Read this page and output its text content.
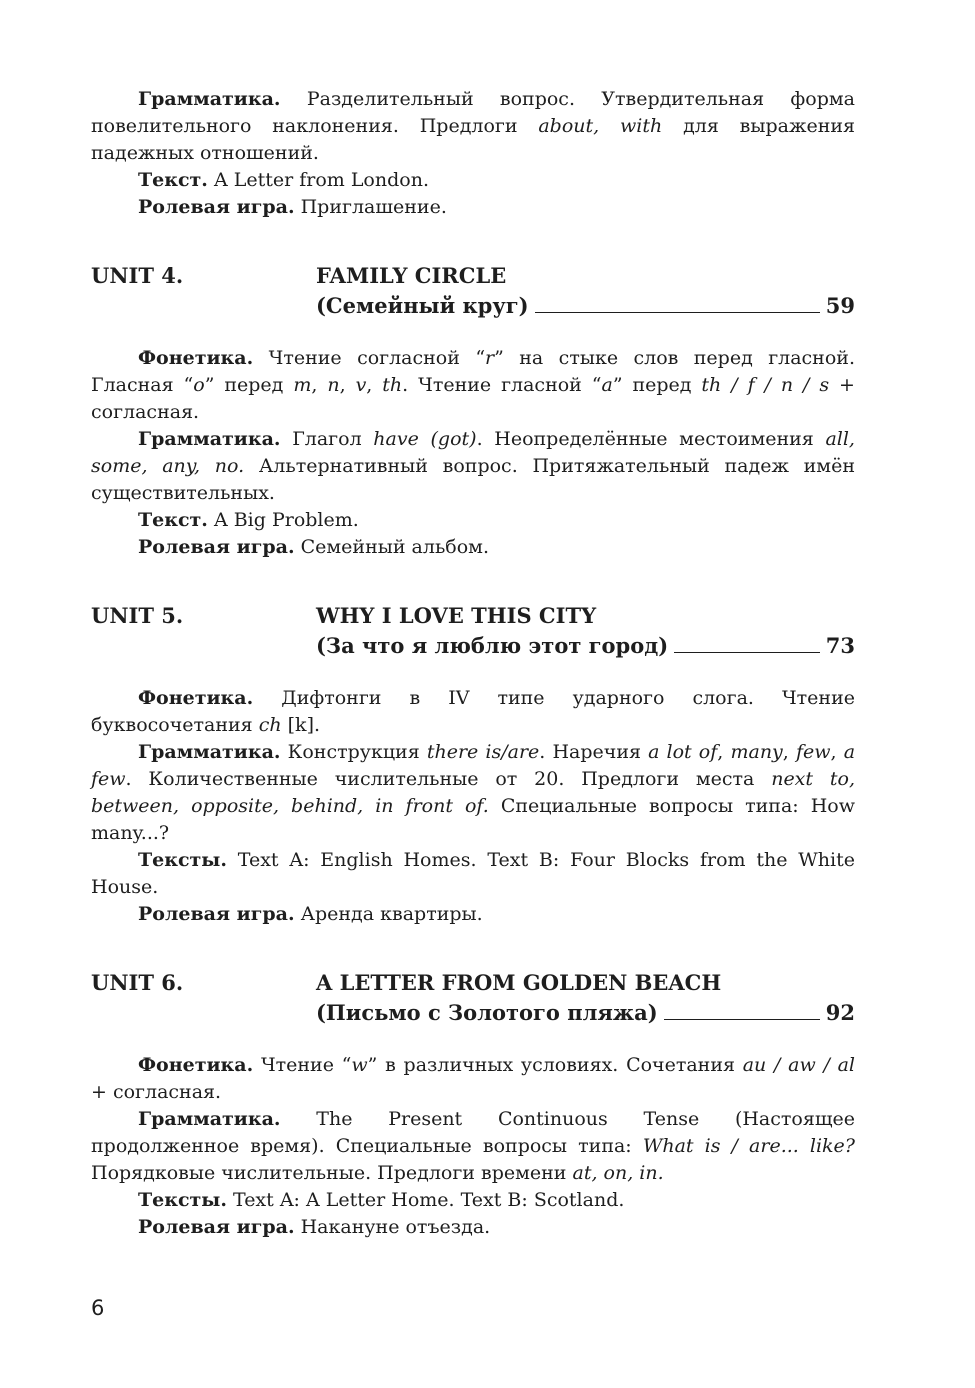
Грамматика. Разделительный вопрос. Утвердительная форма повелительного наклонения. Предлоги about, with для выражения падежных отношений.

Текст. A Letter from London.

Ролевая игра. Приглашение.

UNIT 4.	FAMILY CIRCLE
(Семейный круг)	59

Фонетика. Чтение согласной “r” на стыке слов перед гласной. Гласная “o” перед m, n, v, th. Чтение гласной “a” перед th / f / n / s + согласная.

Грамматика. Глагол have (got). Неопределённые местоимения all, some, any, no. Альтернативный вопрос. Притяжательный падеж имён существительных.

Текст. A Big Problem.

Ролевая игра. Семейный альбом.

UNIT 5.	WHY I LOVE THIS CITY
(За что я люблю этот город)	73

Фонетика. Дифтонги в IV типе ударного слога. Чтение буквосочетания ch [k].

Грамматика. Конструкция there is/are. Наречия a lot of, many, few, a few. Количественные числительные от 20. Предлоги места next to, between, opposite, behind, in front of. Специальные вопросы типа: How many...?

Тексты. Text A: English Homes. Text B: Four Blocks from the White House.

Ролевая игра. Аренда квартиры.

UNIT 6.	A LETTER FROM GOLDEN BEACH
(Письмо с Золотого пляжа)	92

Фонетика. Чтение “w” в различных условиях. Сочетания au / aw / al + согласная.

Грамматика. The Present Continuous Tense (Настоящее продолженное время). Специальные вопросы типа: What is / are... like? Порядковые числительные. Предлоги времени at, on, in.

Тексты. Text A: A Letter Home. Text B: Scotland.

Ролевая игра. Накануне отъезда.

6
